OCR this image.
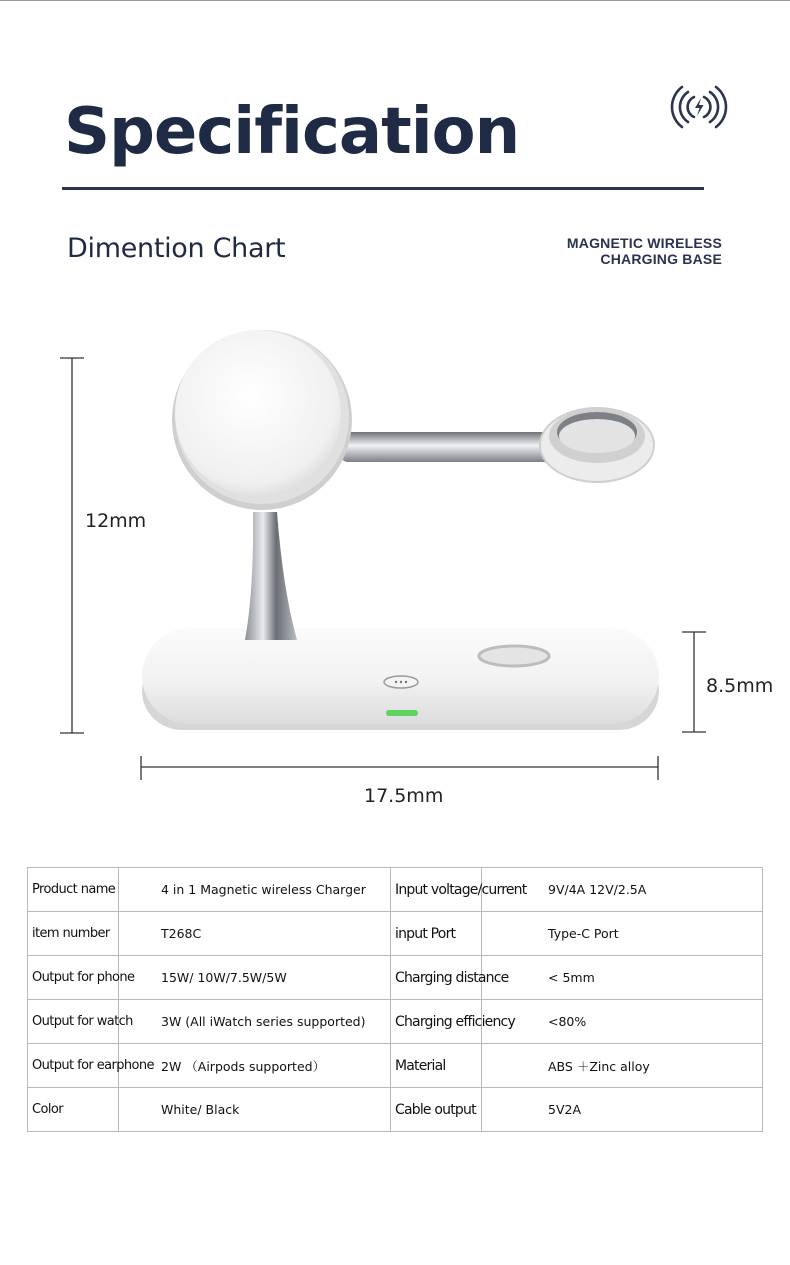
Specification
Dimention Chart	MAGNETIC WIRELESS
CHARGING BASE
12mm
8.5mm
17.5mm
Product name	4 in 1 Magnetic wireless Charger	Input voltage/current	9V/4A 12V/2.5A
item number	T268C	input Port	Type-C Port
Output for phone	15W/ 10W/7.5W/5W	Charging distance	< 5mm
Output for watch	3W (All iWatch series supported)	Charging efficiency	<80%
Output for earphone	2W （Airpods supported）	Material	ABS ＋Zinc alloy
Color	White/ Black	Cable output	5V2A
